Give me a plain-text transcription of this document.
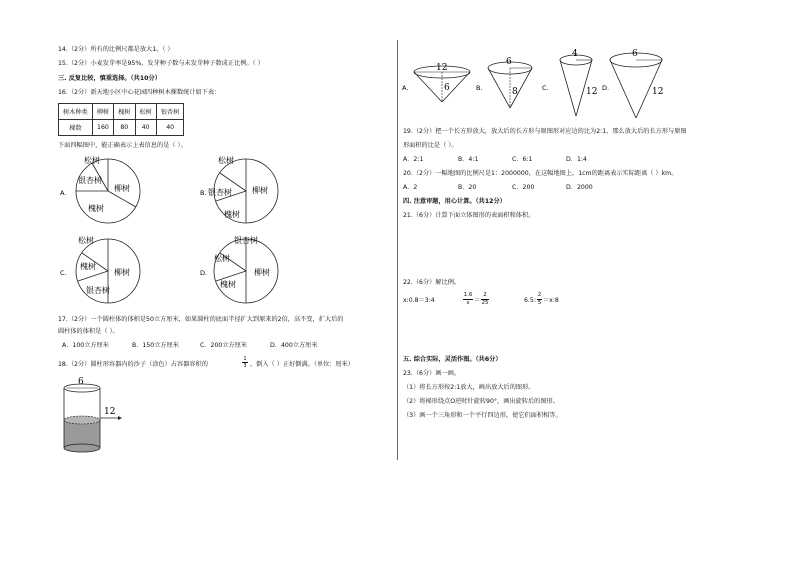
14.（2分）所有的比例尺都是放大1。（ ）
15.（2分）小麦发芽率是95%，发芽种子数与未发芽种子数成正比例。（ ）
三. 反复比较，慎重选择。（共10分）
16.（2分）新天地小区中心花园四种树木棵数统计如下表：
树木种类	柳树	槐树	松树	银杏树
棵数	160	80	40	40
下面四幅图中，能正确表示上表信息的是（ ）。
A.
松树
银杏树
槐树
柳树	B.
松树
银杏树
槐树
柳树
C.
松树
槐树
银杏树
柳树	D.
银杏树
松树
槐树
柳树
17.（2分）一个圆柱体的体积是50立方厘米，如果圆柱的底面半径扩大到原来的2倍，高不变，扩大后的
圆柱体的体积是（ ）。
A．100立方厘米	B．150立方厘米	C．200立方厘米	D．400立方厘米
18.（2分）圆柱形容器内的沙子（涂色）占容器容积的	$\frac{1}{3}$ ，倒入（ ）正好倒满。（单位：厘米）
6
12
A.
12
6	B.
6
8	C.
4
12 D.
6
12
19.（2分）把一个长方形放大，放大后的长方形与原图形对应边的比为2:1，那么放大后的长方形与原图
形面积的比是（ ）。
A．2:1	B．4:1	C．6:1	D．1:4
20.（2分）一幅地图的比例尺是1：2000000，在这幅地图上，1cm的距离表示实际距离（ ）km。
A．2	B．20	C．200	D．2000
四. 注意审题，用心计算。（共12分）
21.（6分）计算下面立体图形的表面积和体积。
22.（6分）解比例。
x:0.8＝3:4	$\frac{1.6}{x} = \frac{2}{25}$	6.5: $\frac{2}{5}$ ＝x:8
五. 综合实际，灵活作图。（共6分）
23.（6分）画一画。
（1）将长方形按2:1放大，画出放大后的图形。
（2）将梯形绕点O逆时针旋转90°，画出旋转后的图形。
（3）画一个三角形和一个平行四边形，使它们面积相等。
